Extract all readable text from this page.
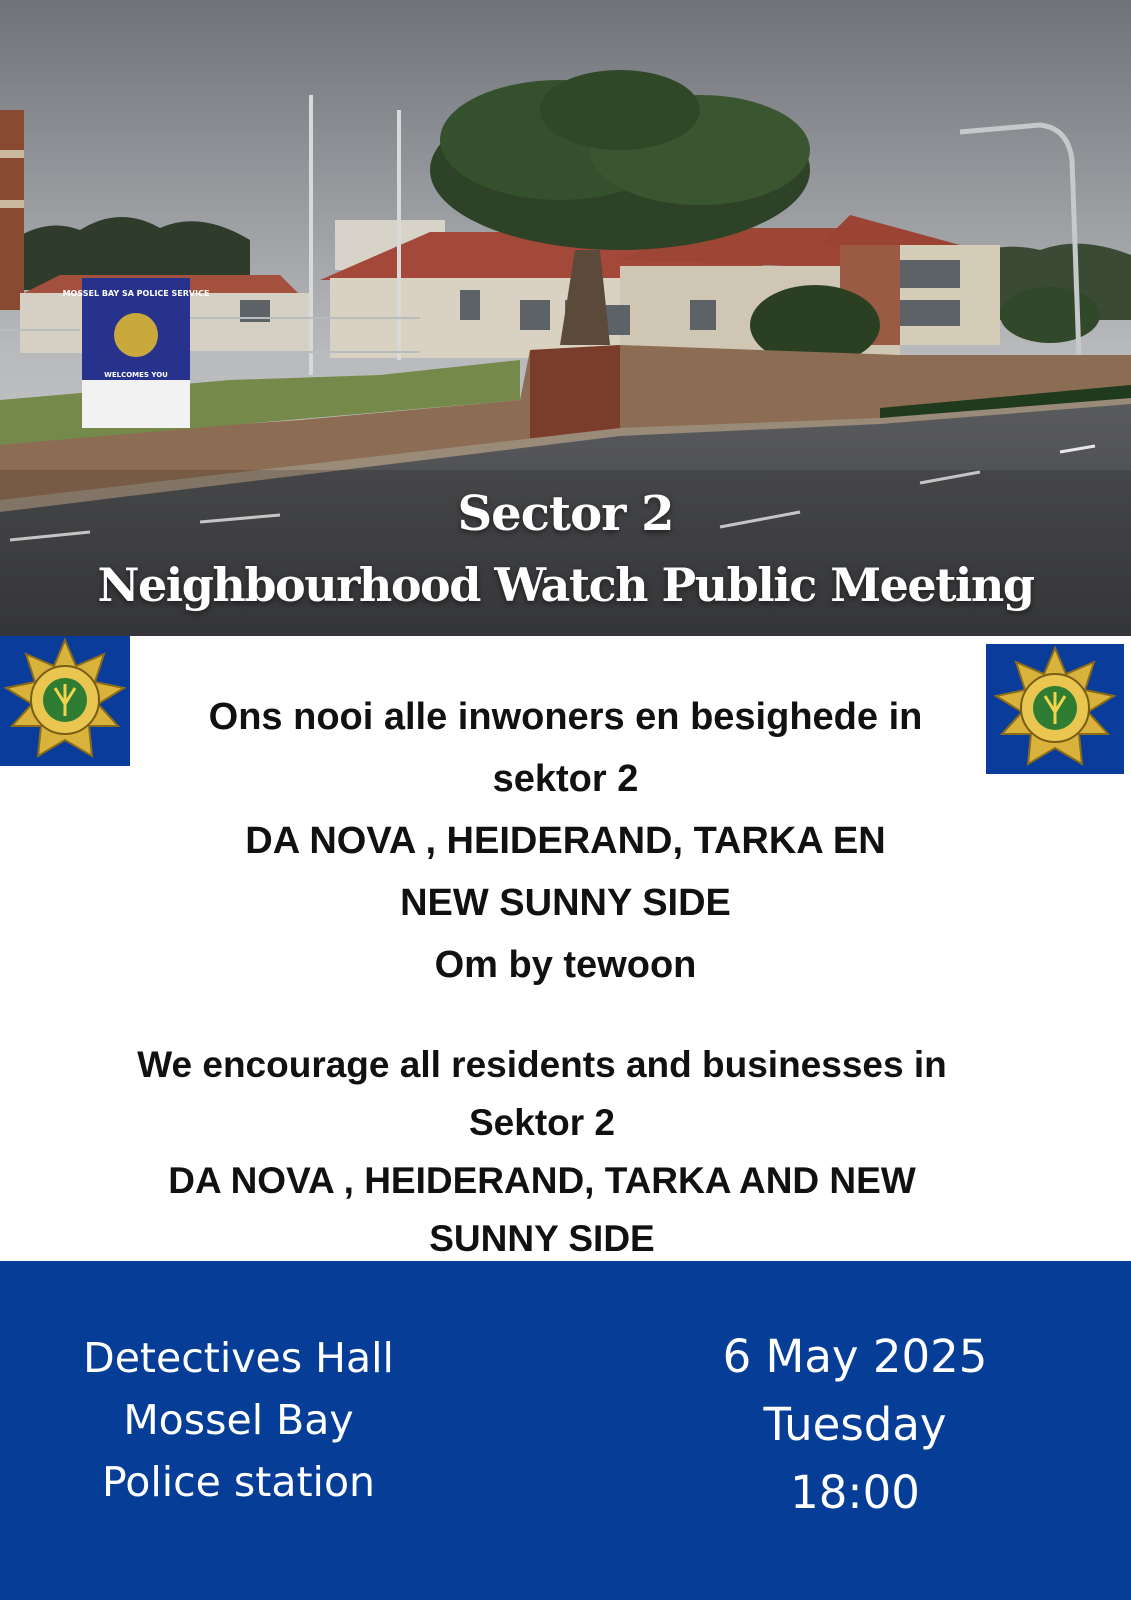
MOSSEL BAY SA POLICE SERVICE
WELCOMES YOU
Sector 2
Neighbourhood Watch Public Meeting
Ons nooi alle inwoners en besighede in
sektor 2
DA NOVA , HEIDERAND, TARKA EN
NEW SUNNY SIDE
Om by tewoon
We encourage all residents and businesses in
Sektor 2
DA NOVA , HEIDERAND, TARKA AND NEW
SUNNY SIDE
Detectives Hall
Mossel Bay
Police station
6 May 2025
Tuesday
18:00
